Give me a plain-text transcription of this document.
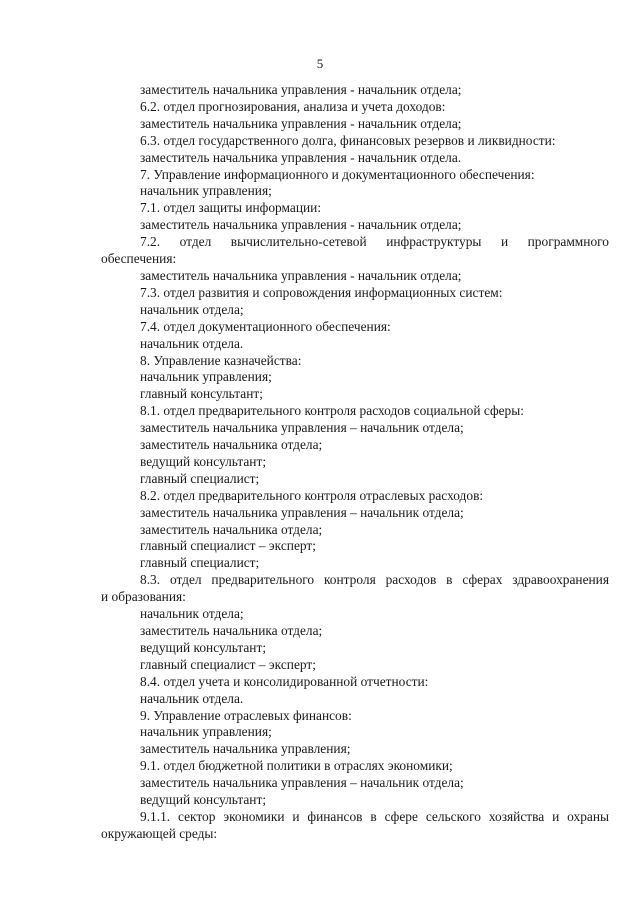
5
заместитель начальника управления - начальник отдела;
6.2. отдел прогнозирования, анализа и учета доходов:
заместитель начальника управления - начальник отдела;
6.3. отдел государственного долга, финансовых резервов и ликвидности:
заместитель начальника управления - начальник отдела.
7. Управление информационного и документационного обеспечения:
начальник управления;
7.1. отдел защиты информации:
заместитель начальника управления - начальник отдела;
7.2. отдел вычислительно-сетевой инфраструктуры и программного
обеспечения:
заместитель начальника управления - начальник отдела;
7.3. отдел развития и сопровождения информационных систем:
начальник отдела;
7.4. отдел документационного обеспечения:
начальник отдела.
8. Управление казначейства:
начальник управления;
главный консультант;
8.1. отдел предварительного контроля расходов социальной сферы:
заместитель начальника управления – начальник отдела;
заместитель начальника отдела;
ведущий консультант;
главный специалист;
8.2. отдел предварительного контроля отраслевых расходов:
заместитель начальника управления – начальник отдела;
заместитель начальника отдела;
главный специалист – эксперт;
главный специалист;
8.3. отдел предварительного контроля расходов в сферах здравоохранения
и образования:
начальник отдела;
заместитель начальника отдела;
ведущий консультант;
главный специалист – эксперт;
8.4. отдел учета и консолидированной отчетности:
начальник отдела.
9. Управление отраслевых финансов:
начальник управления;
заместитель начальника управления;
9.1. отдел бюджетной политики в отраслях экономики;
заместитель начальника управления – начальник отдела;
ведущий консультант;
9.1.1. сектор экономики и финансов в сфере сельского хозяйства и охраны
окружающей среды:
